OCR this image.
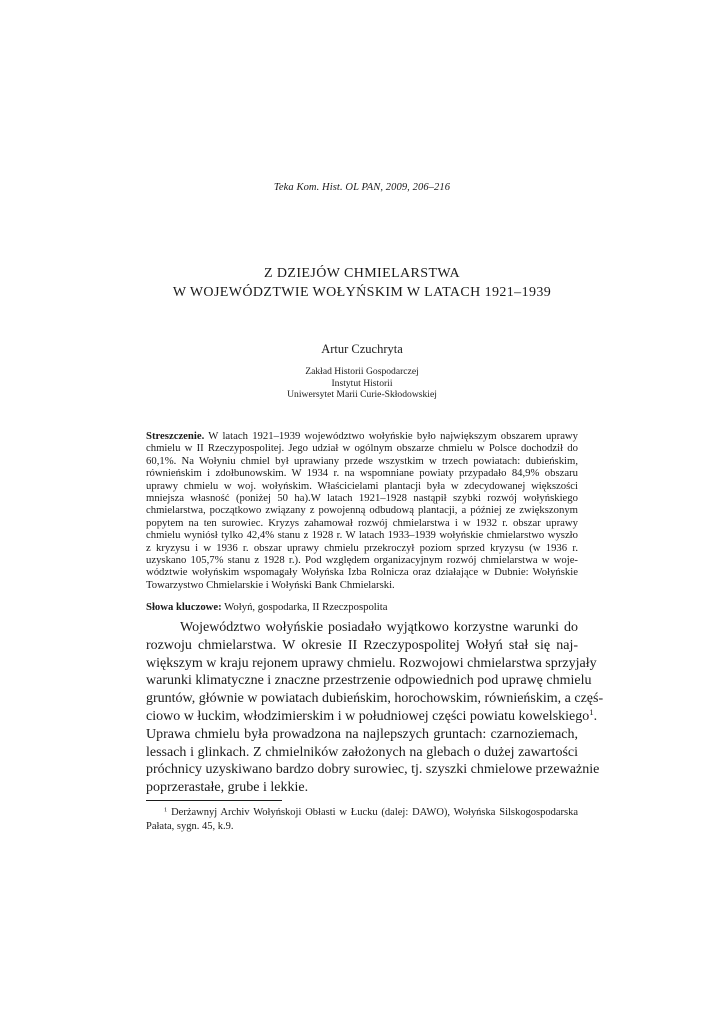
Teka Kom. Hist. OL PAN, 2009, 206–216
Z DZIEJÓW CHMIELARSTWA
W WOJEWÓDZTWIE WOŁYŃSKIM W LATACH 1921–1939
Artur Czuchryta
Zakład Historii Gospodarczej
Instytut Historii
Uniwersytet Marii Curie-Skłodowskiej
Streszczenie. W latach 1921–1939 województwo wołyńskie było największym obszarem uprawy
chmielu w II Rzeczypospolitej. Jego udział w ogólnym obszarze chmielu w Polsce dochodził do
60,1%. Na Wołyniu chmiel był uprawiany przede wszystkim w trzech powiatach: dubieńskim,
równieńskim i zdołbunowskim. W 1934 r. na wspomniane powiaty przypadało 84,9% obszaru
uprawy chmielu w woj. wołyńskim. Właścicielami plantacji była w zdecydowanej większości
mniejsza własność (poniżej 50 ha).W latach 1921–1928 nastąpił szybki rozwój wołyńskiego
chmielarstwa, początkowo związany z powojenną odbudową plantacji, a później ze zwiększonym
popytem na ten surowiec. Kryzys zahamował rozwój chmielarstwa i w 1932 r. obszar uprawy
chmielu wyniósł tylko 42,4% stanu z 1928 r. W latach 1933–1939 wołyńskie chmielarstwo wyszło
z kryzysu i w 1936 r. obszar uprawy chmielu przekroczył poziom sprzed kryzysu (w 1936 r.
uzyskano 105,7% stanu z 1928 r.). Pod względem organizacyjnym rozwój chmielarstwa w woje-
wództwie wołyńskim wspomagały Wołyńska Izba Rolnicza oraz działające w Dubnie: Wołyńskie
Towarzystwo Chmielarskie i Wołyński Bank Chmielarski.
Słowa kluczowe: Wołyń, gospodarka, II Rzeczpospolita
Województwo wołyńskie posiadało wyjątkowo korzystne warunki do
rozwoju chmielarstwa. W okresie II Rzeczypospolitej Wołyń stał się naj-
większym w kraju rejonem uprawy chmielu. Rozwojowi chmielarstwa sprzyjały
warunki klimatyczne i znaczne przestrzenie odpowiednich pod uprawę chmielu
gruntów, głównie w powiatach dubieńskim, horochowskim, równieńskim, a częś-
ciowo w łuckim, włodzimierskim i w południowej części powiatu kowelskiego$^1$.
Uprawa chmielu była prowadzona na najlepszych gruntach: czarnoziemach,
lessach i glinkach. Z chmielników założonych na glebach o dużej zawartości
próchnicy uzyskiwano bardzo dobry surowiec, tj. szyszki chmielowe przeważnie
poprzerastałe, grube i lekkie.
$^1$ Derżawnyj Archiv Wołyńskoji Obłasti w Łucku (dalej: DAWO), Wołyńska Silskogospodarska
Pałata, sygn. 45, k.9.
